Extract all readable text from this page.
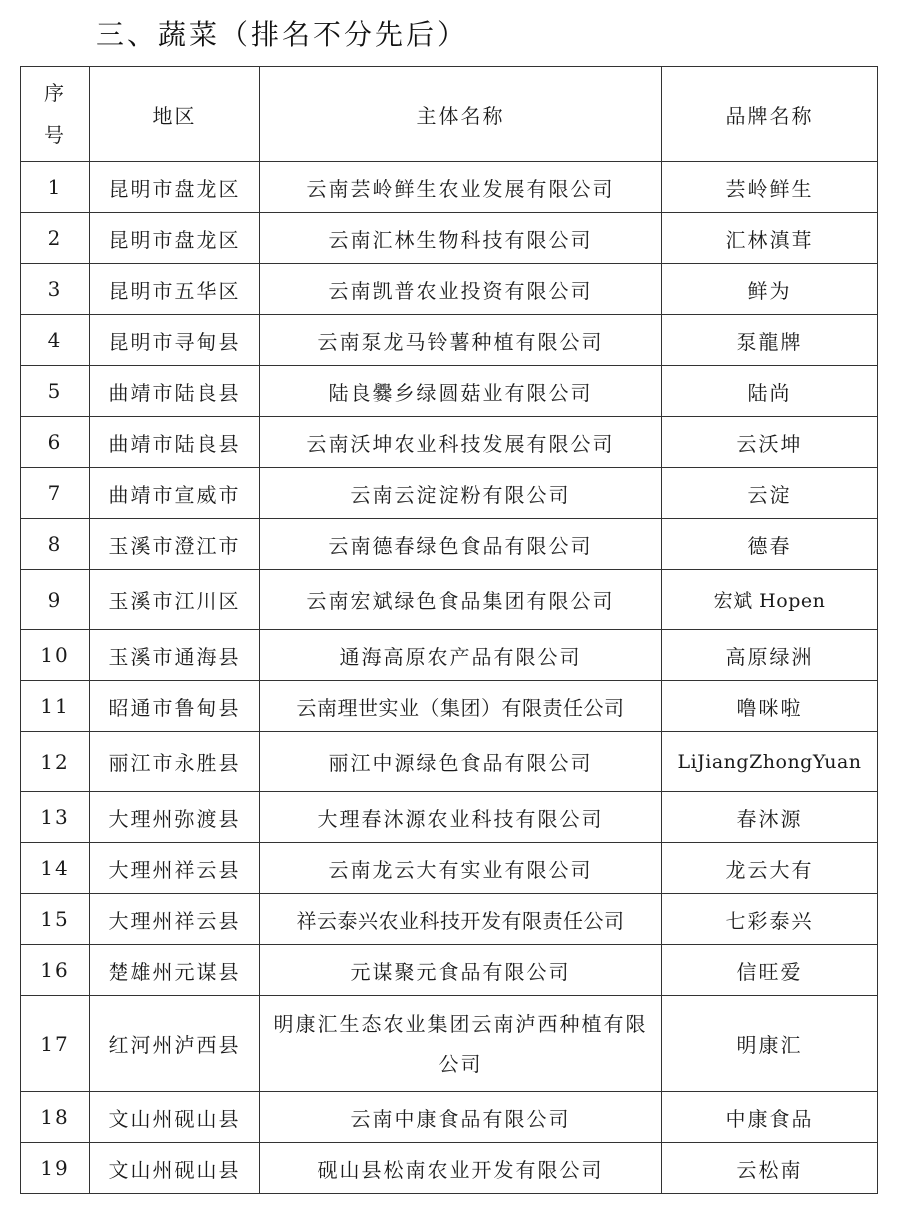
三、蔬菜（排名不分先后）
序
号	地区	主体名称	品牌名称
1	昆明市盘龙区	云南芸岭鲜生农业发展有限公司	芸岭鲜生
2	昆明市盘龙区	云南汇林生物科技有限公司	汇林滇茸
3	昆明市五华区	云南凯普农业投资有限公司	鲜为
4	昆明市寻甸县	云南泵龙马铃薯种植有限公司	泵龍牌
5	曲靖市陆良县	陆良爨乡绿圆菇业有限公司	陆尚
6	曲靖市陆良县	云南沃坤农业科技发展有限公司	云沃坤
7	曲靖市宣威市	云南云淀淀粉有限公司	云淀
8	玉溪市澄江市	云南德春绿色食品有限公司	德春
9	玉溪市江川区	云南宏斌绿色食品集团有限公司	宏斌 Hopen
10	玉溪市通海县	通海高原农产品有限公司	高原绿洲
11	昭通市鲁甸县	云南理世实业（集团）有限责任公司	噜咪啦
12	丽江市永胜县	丽江中源绿色食品有限公司	LiJiangZhongYuan
13	大理州弥渡县	大理春沐源农业科技有限公司	春沐源
14	大理州祥云县	云南龙云大有实业有限公司	龙云大有
15	大理州祥云县	祥云泰兴农业科技开发有限责任公司	七彩泰兴
16	楚雄州元谋县	元谋聚元食品有限公司	信旺爱
17	红河州泸西县	明康汇生态农业集团云南泸西种植有限公司	明康汇
18	文山州砚山县	云南中康食品有限公司	中康食品
19	文山州砚山县	砚山县松南农业开发有限公司	云松南
